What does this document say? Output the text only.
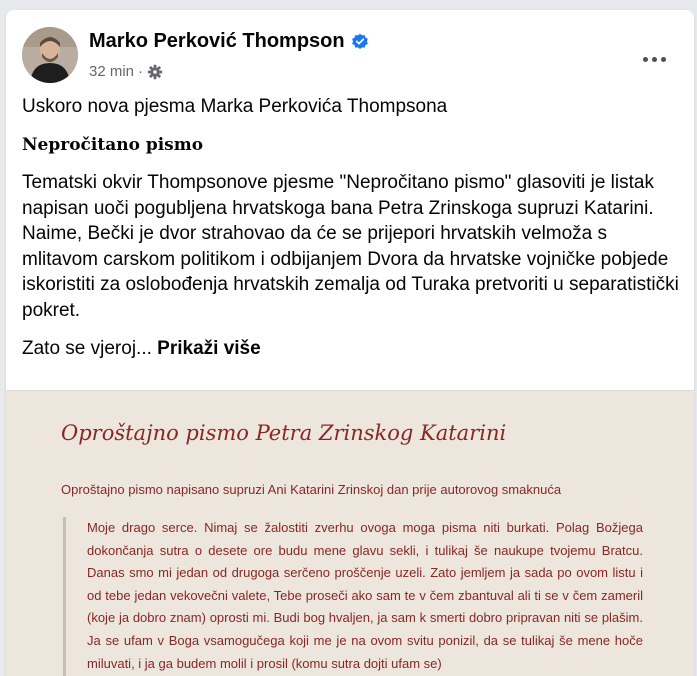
Marko Perković Thompson
32 min ·
Uskoro nova pjesma Marka Perkovića Thompsona
Nepročitano pismo
Tematski okvir Thompsonove pjesme "Nepročitano pismo" glasoviti je listak napisan uoči pogubljena hrvatskoga bana Petra Zrinskoga supruzi Katarini. Naime, Bečki je dvor strahovao da će se prijepori hrvatskih velmoža s mlitavom carskom politikom i odbijanjem Dvora da hrvatske vojničke pobjede iskoristiti za oslobođenja hrvatskih zemalja od Turaka pretvoriti u separatistički pokret.
Zato se vjeroj... Prikaži više
Oproštajno pismo Petra Zrinskog Katarini
Oproštajno pismo napisano supruzi Ani Katarini Zrinskoj dan prije autorovog smaknuća

Moje drago serce. Nimaj se žalostiti zverhu ovoga moga pisma niti burkati. Polag Božjega dokončanja sutra o desete ore budu mene glavu sekli, i tulikaj še naukupe tvojemu Bratcu. Danas smo mi jedan od drugoga serčeno proščenje uzeli. Zato jemljem ja sada po ovom listu i od tebe jedan vekovečni valete, Tebe proseči ako sam te v čem zbantuval ali ti se v čem zameril (koje ja dobro znam) oprosti mi. Budi bog hvaljen, ja sam k smerti dobro pripravan niti se plašim. Ja se ufam v Boga vsamogučega koji me je na ovom svitu ponizil, da se tulikaj še mene hoče miluvati, i ja ga budem molil i prosil (komu sutra dojti ufam se)
